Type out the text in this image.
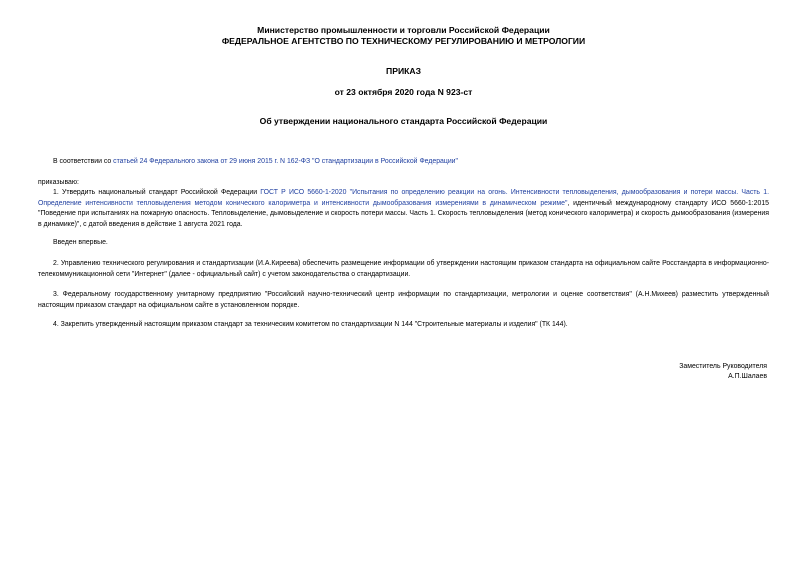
Министерство промышленности и торговли Российской Федерации
ФЕДЕРАЛЬНОЕ АГЕНТСТВО ПО ТЕХНИЧЕСКОМУ РЕГУЛИРОВАНИЮ И МЕТРОЛОГИИ
ПРИКАЗ
от 23 октября 2020 года N 923-ст
Об утверждении национального стандарта Российской Федерации
В соответствии со статьей 24 Федерального закона от 29 июня 2015 г. N 162-ФЗ "О стандартизации в Российской Федерации"
приказываю:
1. Утвердить национальный стандарт Российской Федерации ГОСТ Р ИСО 5660-1-2020 "Испытания по определению реакции на огонь. Интенсивности тепловыделения, дымообразования и потери массы. Часть 1. Определение интенсивности тепловыделения методом конического калориметра и интенсивности дымообразования измерениями в динамическом режиме", идентичный международному стандарту ИСО 5660-1:2015 "Поведение при испытаниях на пожарную опасность. Тепловыделение, дымовыделение и скорость потери массы. Часть 1. Скорость тепловыделения (метод конического калориметра) и скорость дымообразования (измерения в динамике)", с датой введения в действие 1 августа 2021 года.
Введен впервые.
2. Управлению технического регулирования и стандартизации (И.А.Киреева) обеспечить размещение информации об утверждении настоящим приказом стандарта на официальном сайте Росстандарта в информационно-телекоммуникационной сети "Интернет" (далее - официальный сайт) с учетом законодательства о стандартизации.
3. Федеральному государственному унитарному предприятию "Российский научно-технический центр информации по стандартизации, метрологии и оценке соответствия" (А.Н.Михеев) разместить утвержденный настоящим приказом стандарт на официальном сайте в установленном порядке.
4. Закрепить утвержденный настоящим приказом стандарт за техническим комитетом по стандартизации N 144 "Строительные материалы и изделия" (ТК 144).
Заместитель Руководителя
А.П.Шалаев
